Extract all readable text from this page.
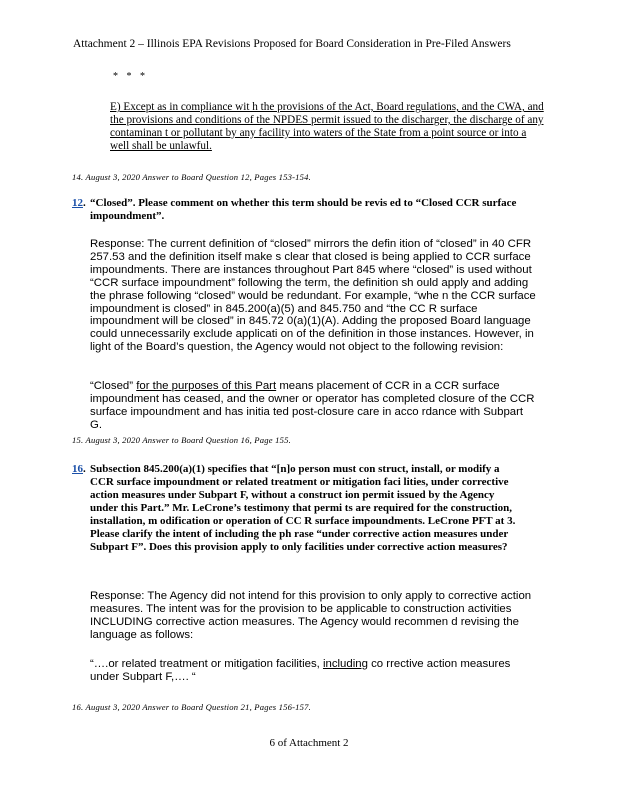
Attachment 2 – Illinois EPA Revisions Proposed for Board Consideration in Pre-Filed Answers
* * *
E) Except as in compliance wit h the provisions of the Act, Board regulations, and the CWA, and the provisions and conditions of the NPDES permit issued to the discharger, the discharge of any contaminan t or pollutant by any facility into waters of the State from a point source or into a well shall be unlawful.
14. August 3, 2020 Answer to Board Question 12, Pages 153-154.
12. “Closed”. Please comment on whether this term should be revis ed to “Closed CCR surface impoundment”.
Response: The current definition of “closed” mirrors the defin ition of “closed” in 40 CFR 257.53 and the definition itself make s clear that closed is being applied to CCR surface impoundments. There are instances throughout Part 845 where “closed” is used without “CCR surface impoundment” following the term, the definition sh ould apply and adding the phrase following “closed” would be redundant. For example, “whe n the CCR surface impoundment is closed” in 845.200(a)(5) and 845.750 and “the CC R surface impoundment will be closed” in 845.72 0(a)(1)(A). Adding the proposed Board language could unnecessarily exclude applicati on of the definition in those instances. However, in light of the Board’s question, the Agency would not object to the following revision:
“Closed” for the purposes of this Part means placement of CCR in a CCR surface impoundment has ceased, and the owner or operator has completed closure of the CCR surface impoundment and has initia ted post-closure care in acco rdance with Subpart G.
15. August 3, 2020 Answer to Board Question 16, Page 155.
16. Subsection 845.200(a)(1) specifies that “[n]o person must con struct, install, or modify a CCR surface impoundment or related treatment or mitigation faci lities, under corrective action measures under Subpart F, without a construct ion permit issued by the Agency under this Part.” Mr. LeCrone’s testimony that permi ts are required for the construction, installation, m odification or operation of CC R surface impoundments. LeCrone PFT at 3. Please clarify the intent of including the ph rase “under corrective action measures under Subpart F”. Does this provision apply to only facilities under corrective action measures?
Response: The Agency did not intend for this provision to only apply to corrective action measures. The intent was for the provision to be applicable to construction activities INCLUDING corrective action measures. The Agency would recommen d revising the language as follows:
“….or related treatment or mitigation facilities, including co rrective action measures under Subpart F,…. “
16. August 3, 2020 Answer to Board Question 21, Pages 156-157.
6 of Attachment 2
